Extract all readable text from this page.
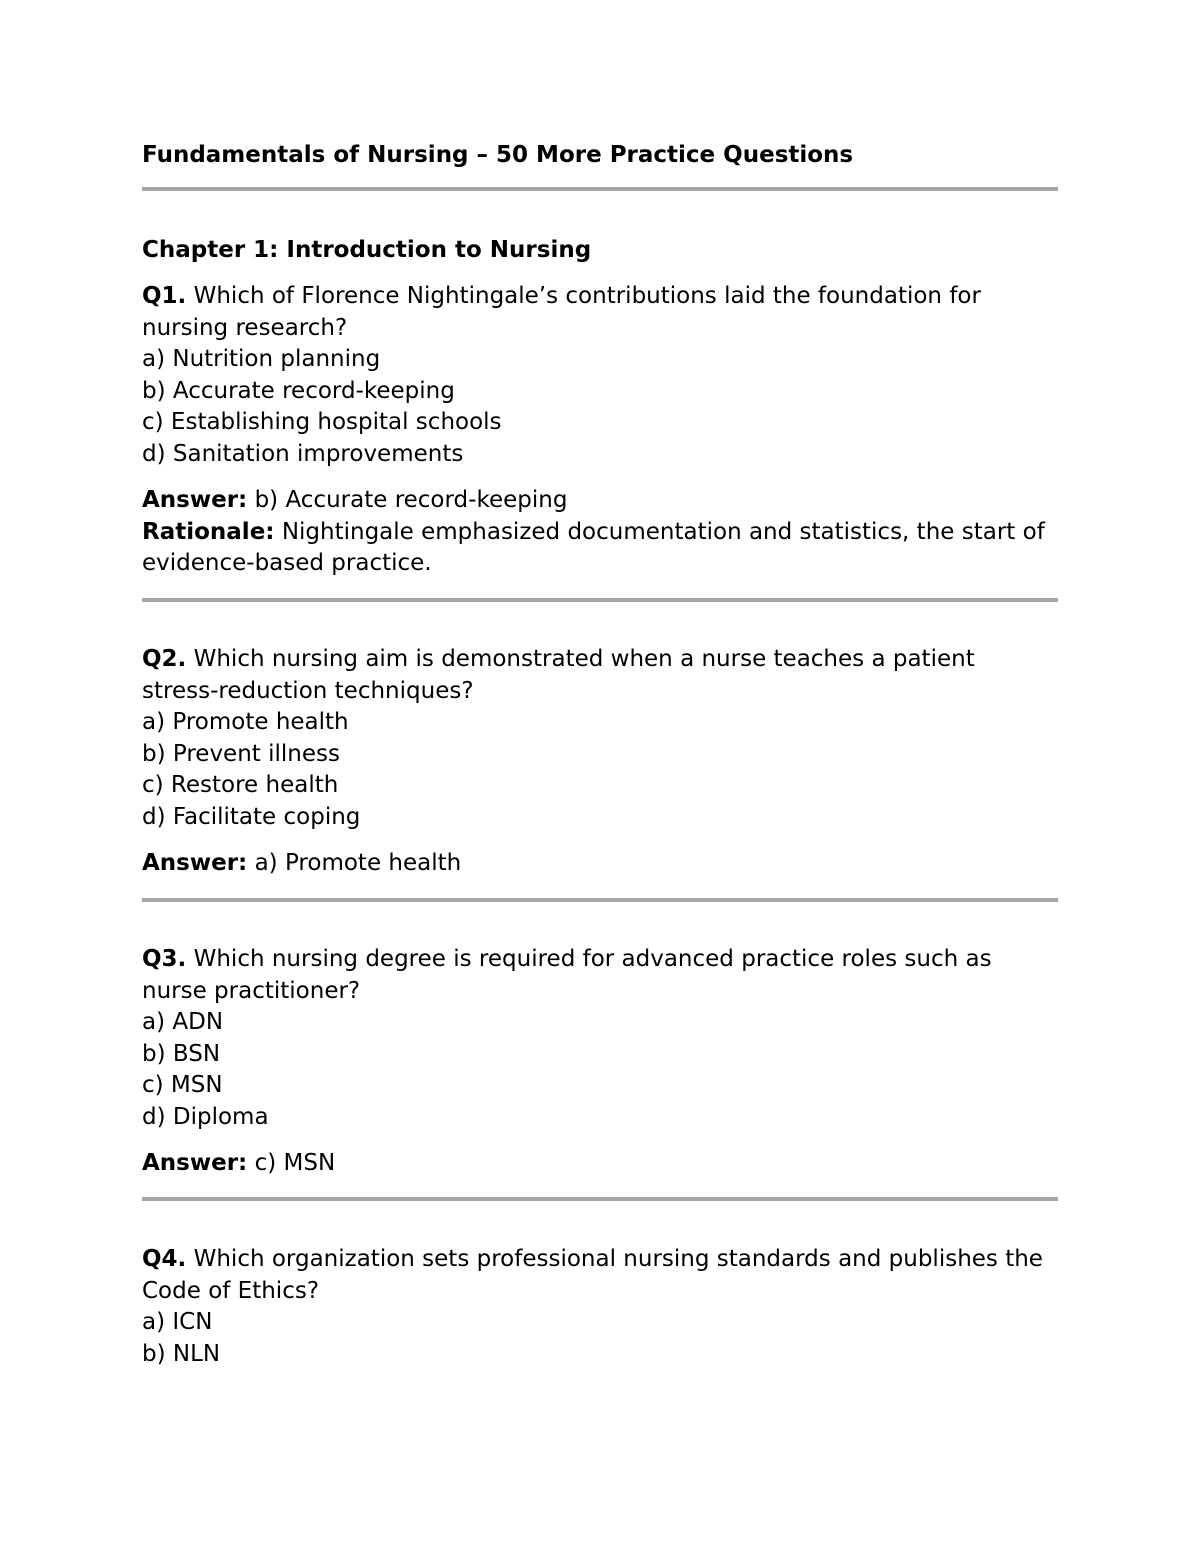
Fundamentals of Nursing – 50 More Practice Questions
Chapter 1: Introduction to Nursing

Q1. Which of Florence Nightingale’s contributions laid the foundation for nursing research?

a) Nutrition planning
b) Accurate record-keeping
c) Establishing hospital schools
d) Sanitation improvements

Answer: b) Accurate record-keeping

Rationale: Nightingale emphasized documentation and statistics, the start of evidence-based practice.

Q2. Which nursing aim is demonstrated when a nurse teaches a patient stress-reduction techniques?

a) Promote health
b) Prevent illness
c) Restore health
d) Facilitate coping

Answer: a) Promote health

Q3. Which nursing degree is required for advanced practice roles such as nurse practitioner?

a) ADN
b) BSN
c) MSN
d) Diploma

Answer: c) MSN

Q4. Which organization sets professional nursing standards and publishes the Code of Ethics?

a) ICN
b) NLN
